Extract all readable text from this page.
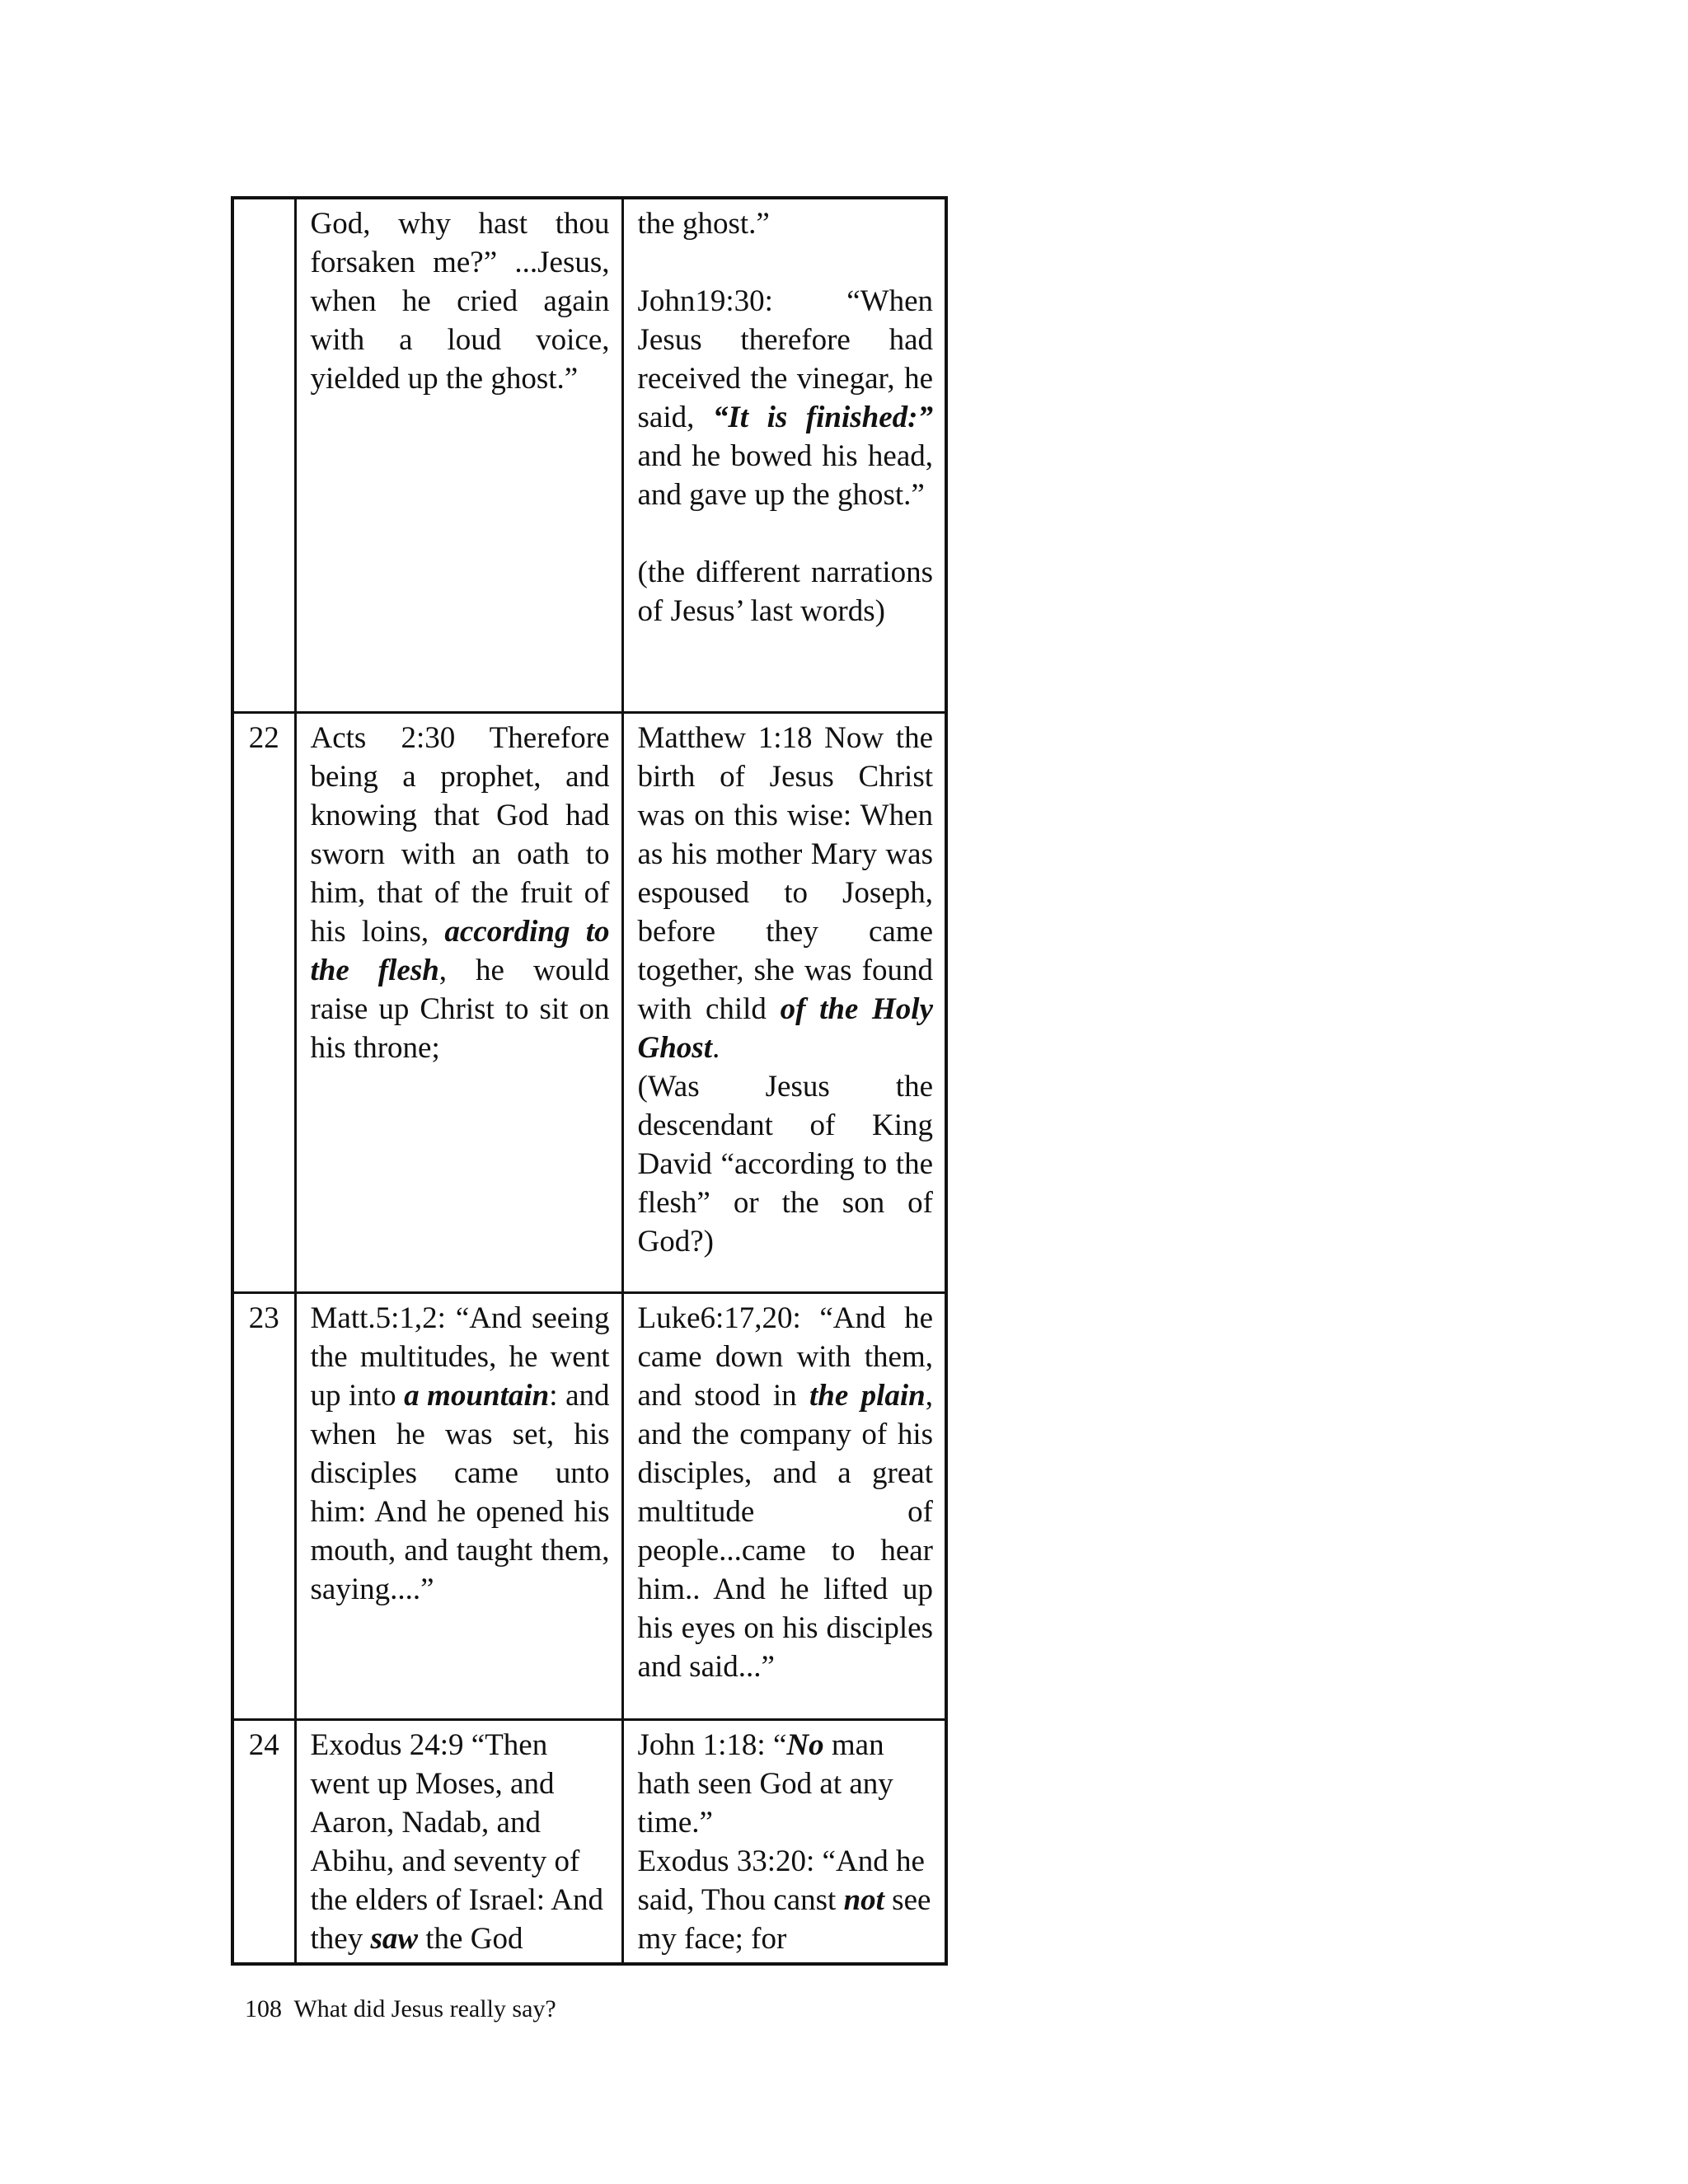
	God, why hast thou forsaken me?” ...Jesus, when he cried again with a loud voice, yielded up the ghost.”	the ghost.”

John19:30: “When Jesus therefore had received the vinegar, he said, “It is finished:” and he bowed his head, and gave up the ghost.”

(the different narrations of Jesus’ last words)

22	Acts 2:30 Therefore being a prophet, and knowing that God had sworn with an oath to him, that of the fruit of his loins, according to the flesh, he would raise up Christ to sit on his throne;	Matthew 1:18 Now the birth of Jesus Christ was on this wise: When as his mother Mary was espoused to Joseph, before they came together, she was found with child of the Holy Ghost.

(Was Jesus the descendant of King David “according to the flesh” or the son of God?)

23	Matt.5:1,2: “And seeing the multitudes, he went up into a mountain: and when he was set, his disciples came unto him: And he opened his mouth, and taught them, saying....”	Luke6:17,20: “And he came down with them, and stood in the plain, and the company of his disciples, and a great multitude of people...came to hear him.. And he lifted up his eyes on his disciples and said...”

24	Exodus 24:9 “Then went up Moses, and Aaron, Nadab, and Abihu, and seventy of the elders of Israel: And they saw the God	John 1:18: “No man hath seen God at any time.”

Exodus 33:20: “And he said, Thou canst not see my face; for

108 What did Jesus really say?
